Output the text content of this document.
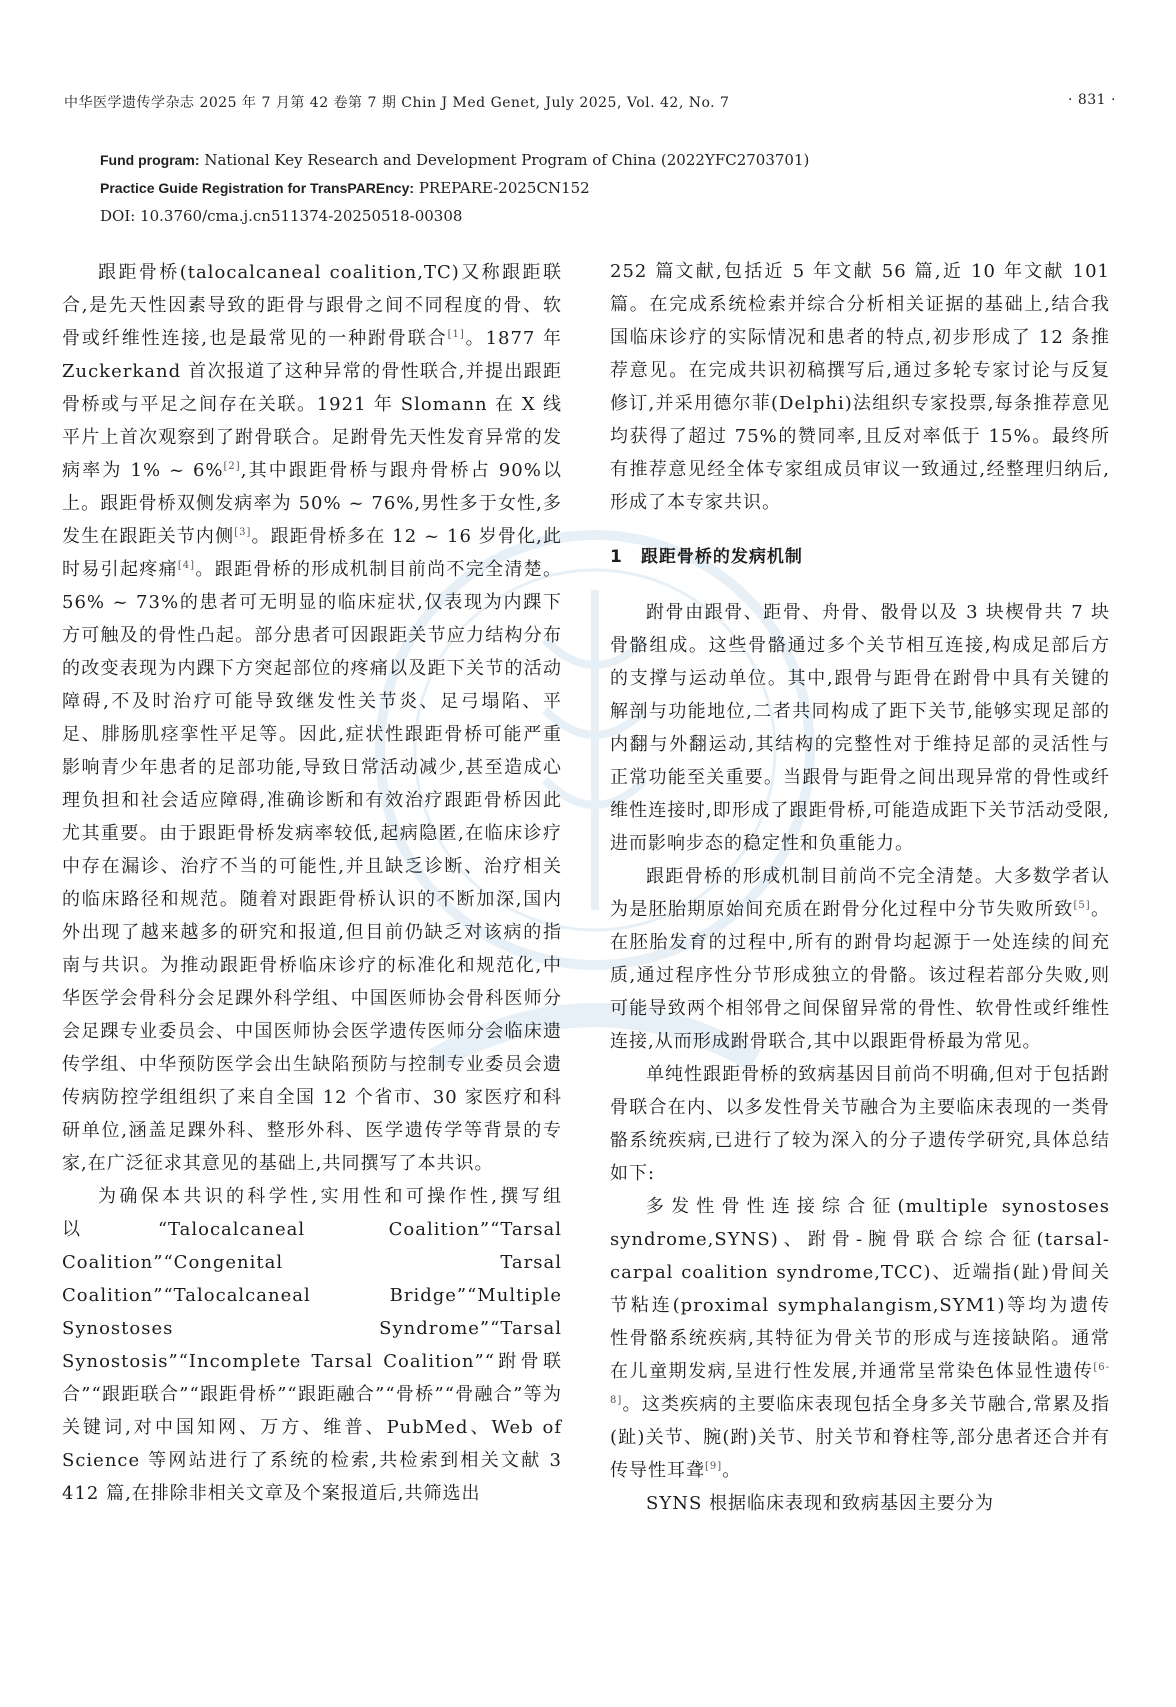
中华医学遗传学杂志 2025 年 7 月第 42 卷第 7 期 Chin J Med Genet, July 2025, Vol. 42, No. 7	· 831 ·
Fund program: National Key Research and Development Program of China (2022YFC2703701)
Practice Guide Registration for TransPAREncy: PREPARE-2025CN152
DOI: 10.3760/cma.j.cn511374-20250518-00308

跟距骨桥(talocalcaneal coalition,TC)又称跟距联合,是先天性因素导致的距骨与跟骨之间不同程度的骨、软骨或纤维性连接,也是最常见的一种跗骨联合[1]。1877 年 Zuckerkand 首次报道了这种异常的骨性联合,并提出跟距骨桥或与平足之间存在关联。1921 年 Slomann 在 X 线平片上首次观察到了跗骨联合。足跗骨先天性发育异常的发病率为 1% ~ 6%[2],其中跟距骨桥与跟舟骨桥占 90%以上。跟距骨桥双侧发病率为 50% ~ 76%,男性多于女性,多发生在跟距关节内侧[3]。跟距骨桥多在 12 ~ 16 岁骨化,此时易引起疼痛[4]。跟距骨桥的形成机制目前尚不完全清楚。56% ~ 73%的患者可无明显的临床症状,仅表现为内踝下方可触及的骨性凸起。部分患者可因跟距关节应力结构分布的改变表现为内踝下方突起部位的疼痛以及距下关节的活动障碍,不及时治疗可能导致继发性关节炎、足弓塌陷、平足、腓肠肌痉挛性平足等。因此,症状性跟距骨桥可能严重影响青少年患者的足部功能,导致日常活动减少,甚至造成心理负担和社会适应障碍,准确诊断和有效治疗跟距骨桥因此尤其重要。由于跟距骨桥发病率较低,起病隐匿,在临床诊疗中存在漏诊、治疗不当的可能性,并且缺乏诊断、治疗相关的临床路径和规范。随着对跟距骨桥认识的不断加深,国内外出现了越来越多的研究和报道,但目前仍缺乏对该病的指南与共识。为推动跟距骨桥临床诊疗的标准化和规范化,中华医学会骨科分会足踝外科学组、中国医师协会骨科医师分会足踝专业委员会、中国医师协会医学遗传医师分会临床遗传学组、中华预防医学会出生缺陷预防与控制专业委员会遗传病防控学组组织了来自全国 12 个省市、30 家医疗和科研单位,涵盖足踝外科、整形外科、医学遗传学等背景的专家,在广泛征求其意见的基础上,共同撰写了本共识。

为确保本共识的科学性,实用性和可操作性,撰写组以“Talocalcaneal Coalition”“Tarsal Coalition”“Congenital Tarsal Coalition”“Talocalcaneal Bridge”“Multiple Synostoses Syndrome”“Tarsal Synostosis”“Incomplete Tarsal Coalition”“跗骨联合”“跟距联合”“跟距骨桥”“跟距融合”“骨桥”“骨融合”等为关键词,对中国知网、万方、维普、PubMed、Web of Science 等网站进行了系统的检索,共检索到相关文献 3 412 篇,在排除非相关文章及个案报道后,共筛选出

252 篇文献,包括近 5 年文献 56 篇,近 10 年文献 101 篇。在完成系统检索并综合分析相关证据的基础上,结合我国临床诊疗的实际情况和患者的特点,初步形成了 12 条推荐意见。在完成共识初稿撰写后,通过多轮专家讨论与反复修订,并采用德尔菲(Delphi)法组织专家投票,每条推荐意见均获得了超过 75%的赞同率,且反对率低于 15%。最终所有推荐意见经全体专家组成员审议一致通过,经整理归纳后,形成了本专家共识。

1 跟距骨桥的发病机制

跗骨由跟骨、距骨、舟骨、骰骨以及 3 块楔骨共 7 块骨骼组成。这些骨骼通过多个关节相互连接,构成足部后方的支撑与运动单位。其中,跟骨与距骨在跗骨中具有关键的解剖与功能地位,二者共同构成了距下关节,能够实现足部的内翻与外翻运动,其结构的完整性对于维持足部的灵活性与正常功能至关重要。当跟骨与距骨之间出现异常的骨性或纤维性连接时,即形成了跟距骨桥,可能造成距下关节活动受限,进而影响步态的稳定性和负重能力。

跟距骨桥的形成机制目前尚不完全清楚。大多数学者认为是胚胎期原始间充质在跗骨分化过程中分节失败所致[5]。在胚胎发育的过程中,所有的跗骨均起源于一处连续的间充质,通过程序性分节形成独立的骨骼。该过程若部分失败,则可能导致两个相邻骨之间保留异常的骨性、软骨性或纤维性连接,从而形成跗骨联合,其中以跟距骨桥最为常见。

单纯性跟距骨桥的致病基因目前尚不明确,但对于包括跗骨联合在内、以多发性骨关节融合为主要临床表现的一类骨骼系统疾病,已进行了较为深入的分子遗传学研究,具体总结如下:

多发性骨性连接综合征(multiple synostoses syndrome,SYNS)、跗骨-腕骨联合综合征(tarsal-carpal coalition syndrome,TCC)、近端指(趾)骨间关节粘连(proximal symphalangism,SYM1)等均为遗传性骨骼系统疾病,其特征为骨关节的形成与连接缺陷。通常在儿童期发病,呈进行性发展,并通常呈常染色体显性遗传[6-8]。这类疾病的主要临床表现包括全身多关节融合,常累及指(趾)关节、腕(跗)关节、肘关节和脊柱等,部分患者还合并有传导性耳聋[9]。

SYNS 根据临床表现和致病基因主要分为
